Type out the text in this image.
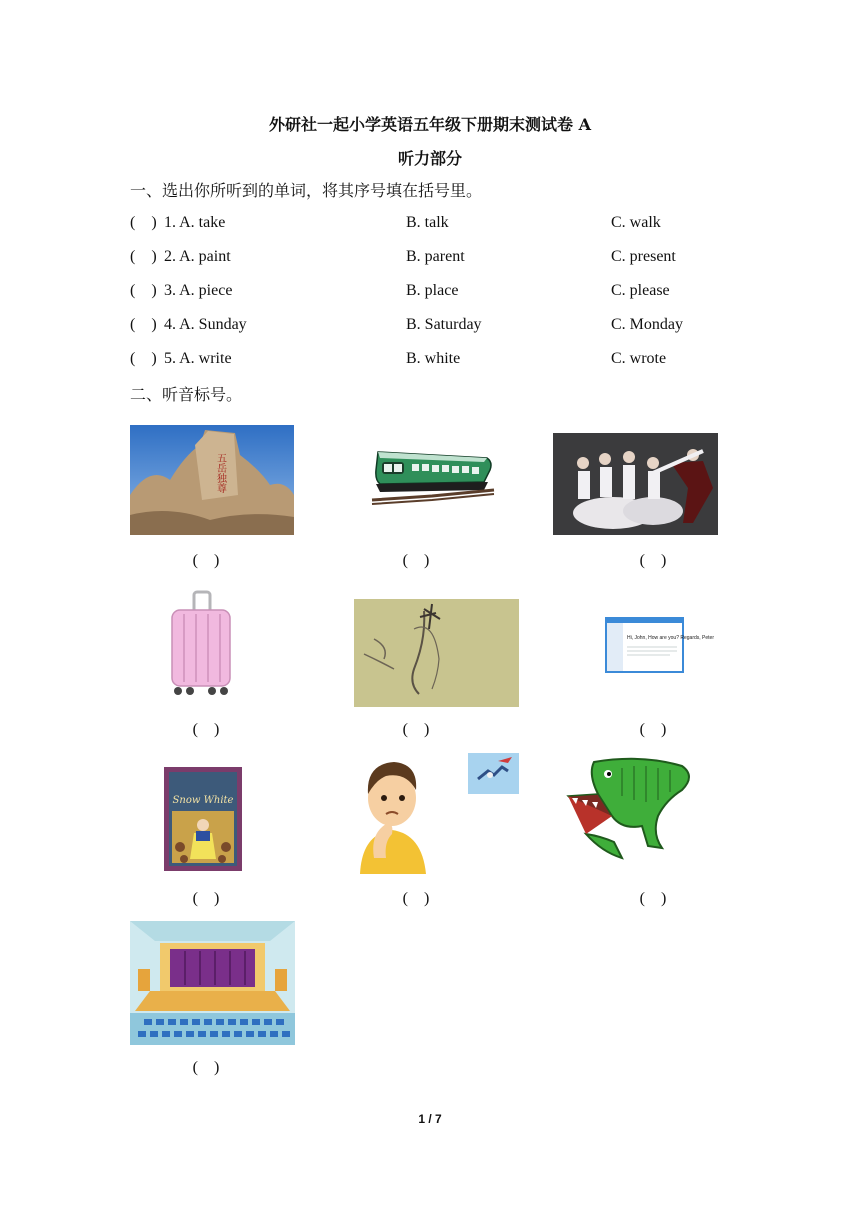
外研社一起小学英语五年级下册期末测试卷 A
听力部分
一、选出你所听到的单词，将其序号填在括号里。
(    ) 1. A. take	B. talk	C. walk
(    ) 2. A. paint	B. parent	C. present
(    ) 3. A. piece	B. place	C. please
(    ) 4. A. Sunday	B. Saturday	C. Monday
(    ) 5. A. write	B. white	C. wrote
二、听音标号。
五岳独尊
(    )	(    )	(    )
Hi, John, How are you? Regards, Peter
(    )	(    )	(    )
Snow White
(    )	(    )	(    )
(    )
1 / 7
